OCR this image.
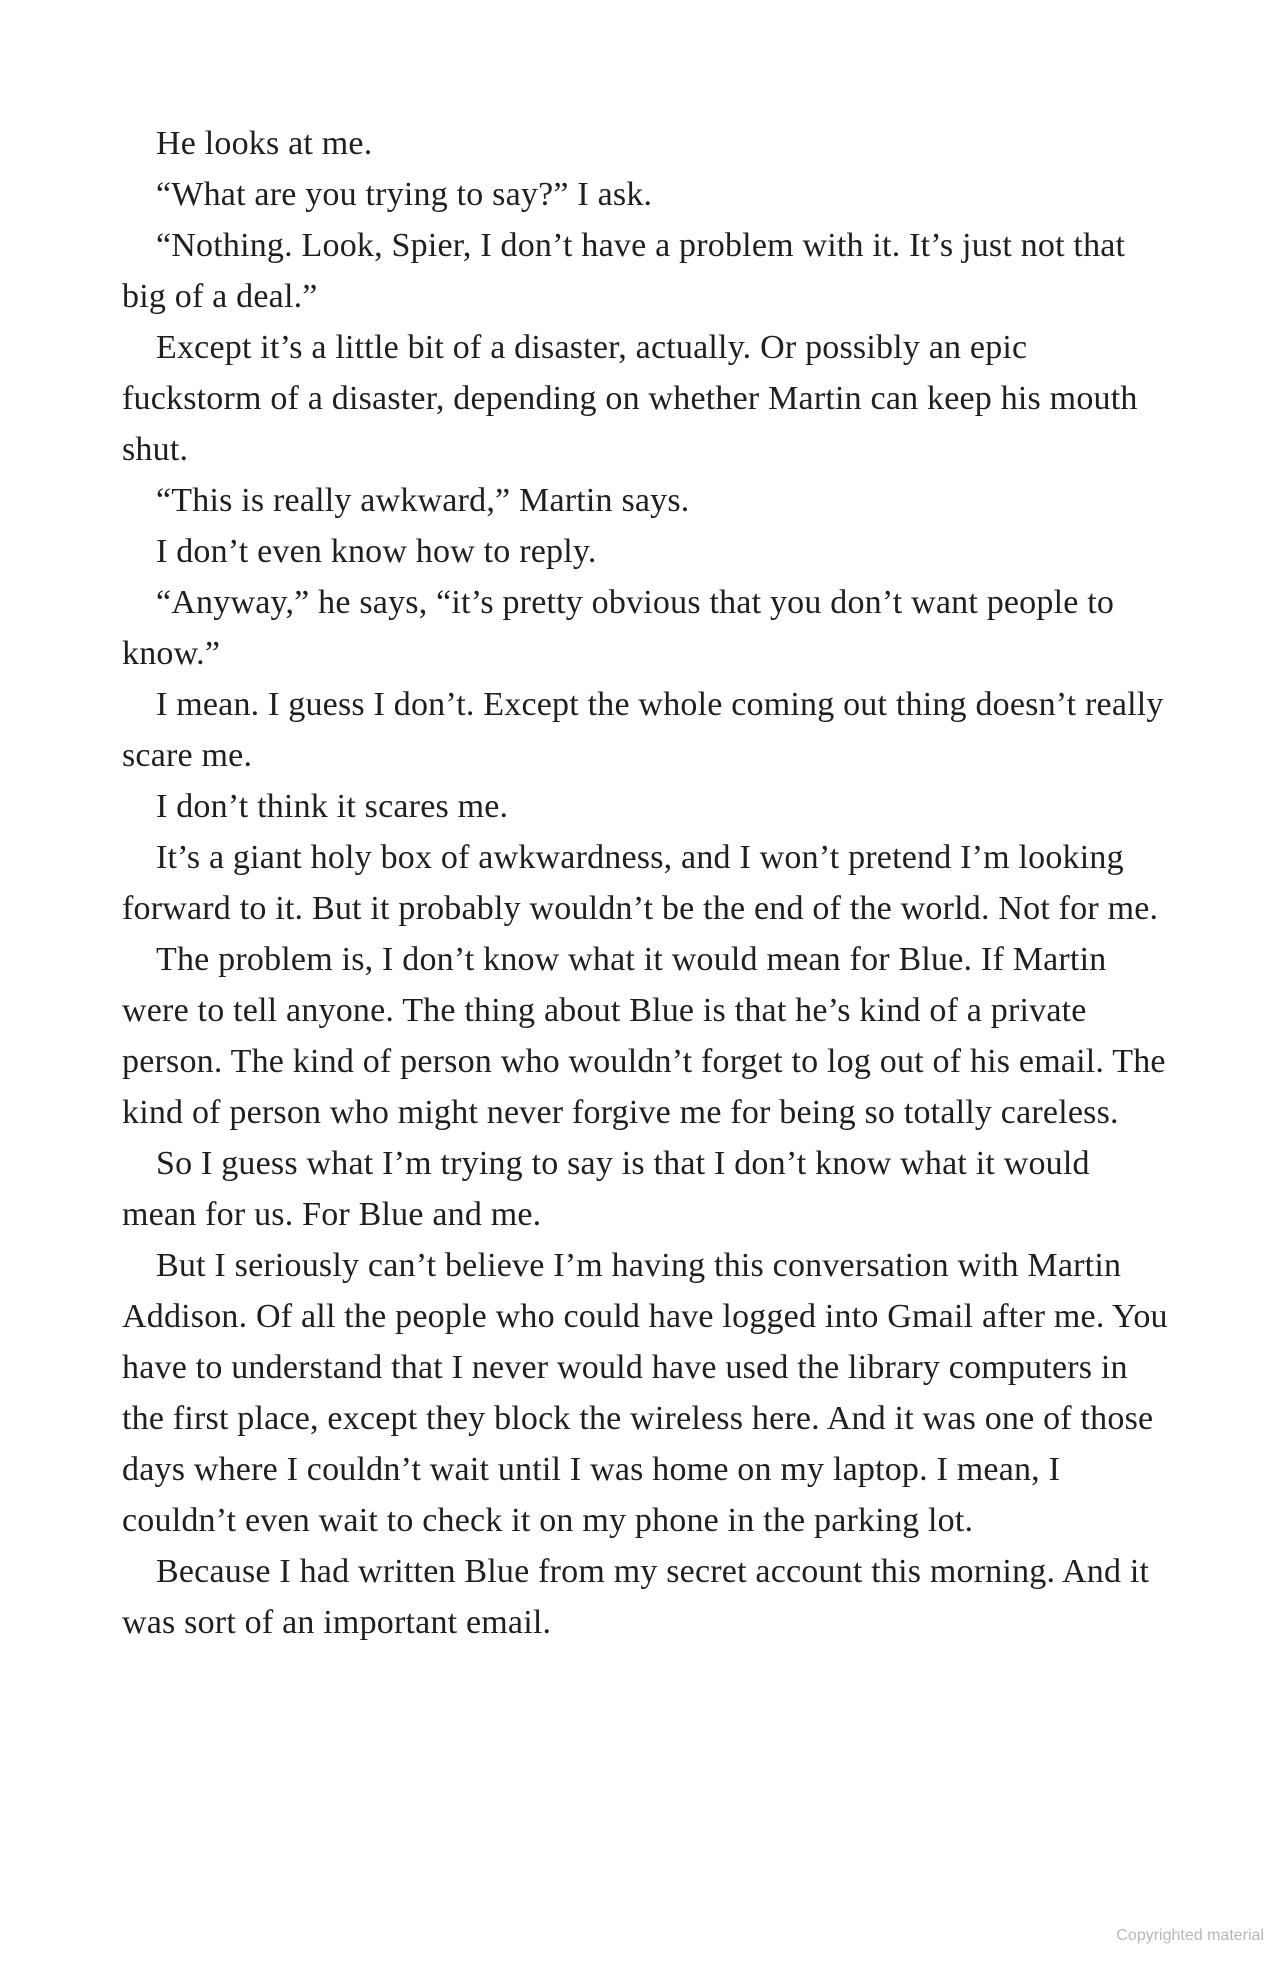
He looks at me.

“What are you trying to say?” I ask.

“Nothing. Look, Spier, I don’t have a problem with it. It’s just not that big of a deal.”

Except it’s a little bit of a disaster, actually. Or possibly an epic fuckstorm of a disaster, depending on whether Martin can keep his mouth shut.

“This is really awkward,” Martin says.

I don’t even know how to reply.

“Anyway,” he says, “it’s pretty obvious that you don’t want people to know.”

I mean. I guess I don’t. Except the whole coming out thing doesn’t really scare me.

I don’t think it scares me.

It’s a giant holy box of awkwardness, and I won’t pretend I’m looking forward to it. But it probably wouldn’t be the end of the world. Not for me.

The problem is, I don’t know what it would mean for Blue. If Martin were to tell anyone. The thing about Blue is that he’s kind of a private person. The kind of person who wouldn’t forget to log out of his email. The kind of person who might never forgive me for being so totally careless.

So I guess what I’m trying to say is that I don’t know what it would mean for us. For Blue and me.

But I seriously can’t believe I’m having this conversation with Martin Addison. Of all the people who could have logged into Gmail after me. You have to understand that I never would have used the library computers in the first place, except they block the wireless here. And it was one of those days where I couldn’t wait until I was home on my laptop. I mean, I couldn’t even wait to check it on my phone in the parking lot.

Because I had written Blue from my secret account this morning. And it was sort of an important email.

Copyrighted material
